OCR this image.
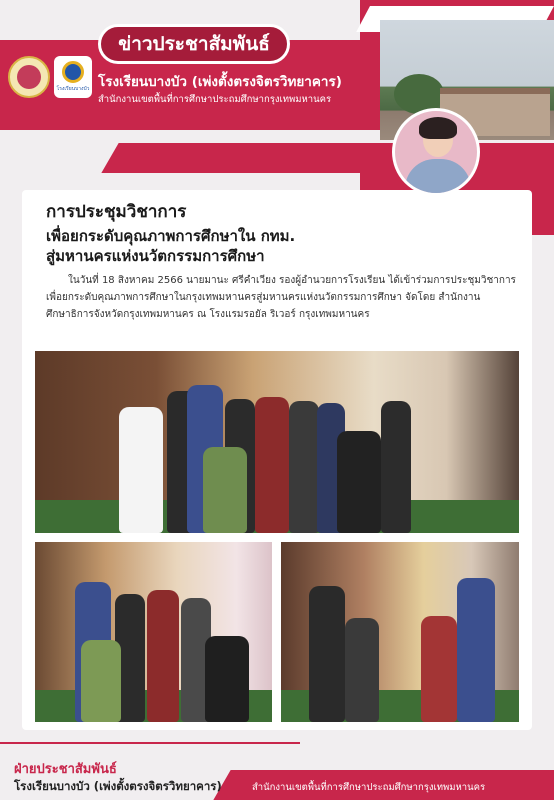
ข่าวประชาสัมพันธ์
โรงเรียนบางบัว โรงเรียนบางบัว (เพ่งตั้งตรงจิตรวิทยาคาร)
สำนักงานเขตพื้นที่การศึกษาประถมศึกษากรุงเทพมหานคร
นางสุนิพา ไชยหงษ์
ผู้อำนวยการโรงเรียน
การประชุมวิชาการ
เพื่อยกระดับคุณภาพการศึกษาใน กทม.
สู่มหานครแห่งนวัตกรรมการศึกษา
ในวันที่ 18 สิงหาคม 2566 นายมานะ ศรีคำเวียง รองผู้อำนวยการโรงเรียน ได้เข้าร่วมการประชุมวิชาการ เพื่อยกระดับคุณภาพการศึกษาในกรุงเทพมหานครสู่มหานครแห่งนวัตกรรมการศึกษา จัดโดย สำนักงานศึกษาธิการจังหวัดกรุงเทพมหานคร ณ โรงแรมรอยัล ริเวอร์ กรุงเทพมหานคร
ฝ่ายประชาสัมพันธ์
โรงเรียนบางบัว (เพ่งตั้งตรงจิตรวิทยาคาร)	สำนักงานเขตพื้นที่การศึกษาประถมศึกษากรุงเทพมหานคร
